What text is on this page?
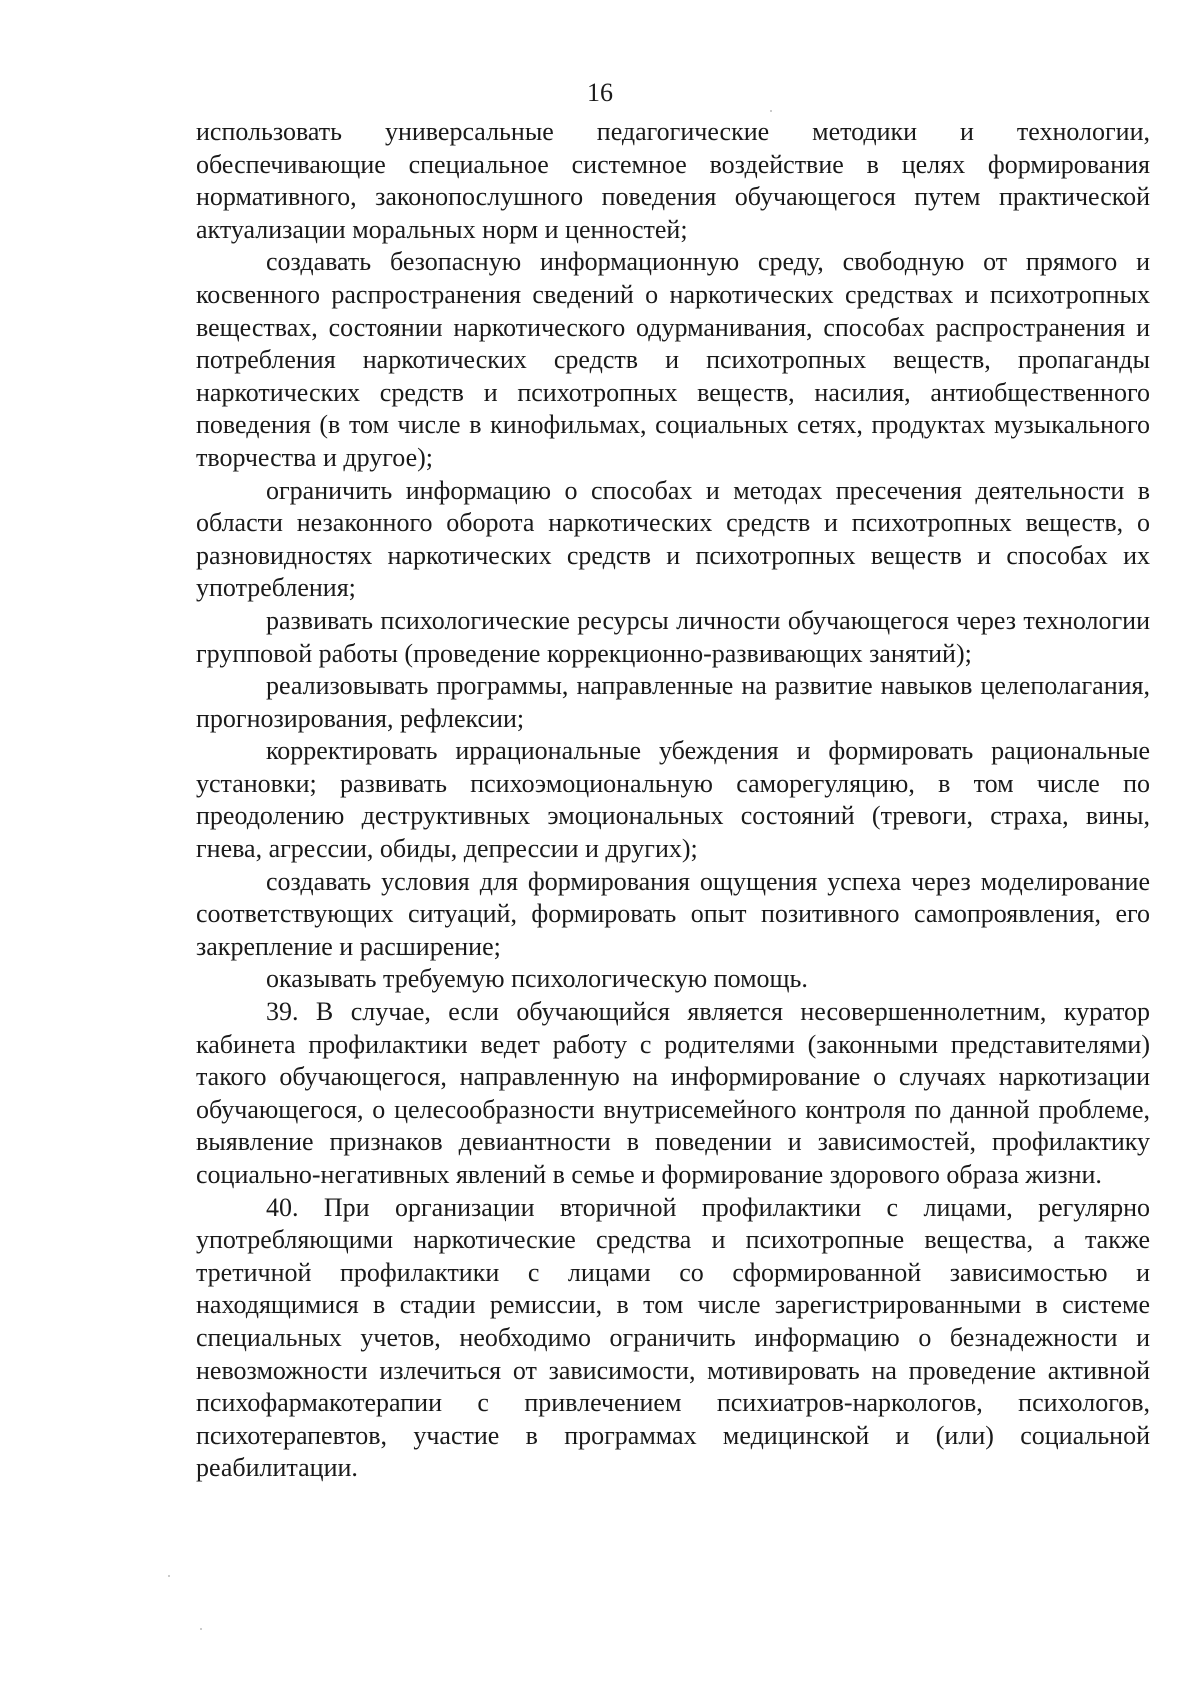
16

использовать универсальные педагогические методики и технологии, обеспечивающие специальное системное воздействие в целях формирования нормативного, законопослушного поведения обучающегося путем практической актуализации моральных норм и ценностей;

создавать безопасную информационную среду, свободную от прямого и косвенного распространения сведений о наркотических средствах и психотропных веществах, состоянии наркотического одурманивания, способах распространения и потребления наркотических средств и психотропных веществ, пропаганды наркотических средств и психотропных веществ, насилия, антиобщественного поведения (в том числе в кинофильмах, социальных сетях, продуктах музыкального творчества и другое);

ограничить информацию о способах и методах пресечения деятельности в области незаконного оборота наркотических средств и психотропных веществ, о разновидностях наркотических средств и психотропных веществ и способах их употребления;

развивать психологические ресурсы личности обучающегося через технологии групповой работы (проведение коррекционно-развивающих занятий);

реализовывать программы, направленные на развитие навыков целеполагания, прогнозирования, рефлексии;

корректировать иррациональные убеждения и формировать рациональные установки; развивать психоэмоциональную саморегуляцию, в том числе по преодолению деструктивных эмоциональных состояний (тревоги, страха, вины, гнева, агрессии, обиды, депрессии и других);

создавать условия для формирования ощущения успеха через моделирование соответствующих ситуаций, формировать опыт позитивного самопроявления, его закрепление и расширение;

оказывать требуемую психологическую помощь.

39. В случае, если обучающийся является несовершеннолетним, куратор кабинета профилактики ведет работу с родителями (законными представителями) такого обучающегося, направленную на информирование о случаях наркотизации обучающегося, о целесообразности внутрисемейного контроля по данной проблеме, выявление признаков девиантности в поведении и зависимостей, профилактику социально-негативных явлений в семье и формирование здорового образа жизни.

40. При организации вторичной профилактики с лицами, регулярно употребляющими наркотические средства и психотропные вещества, а также третичной профилактики с лицами со сформированной зависимостью и находящимися в стадии ремиссии, в том числе зарегистрированными в системе специальных учетов, необходимо ограничить информацию о безнадежности и невозможности излечиться от зависимости, мотивировать на проведение активной психофармакотерапии с привлечением психиатров-наркологов, психологов, психотерапевтов, участие в программах медицинской и (или) социальной реабилитации.
